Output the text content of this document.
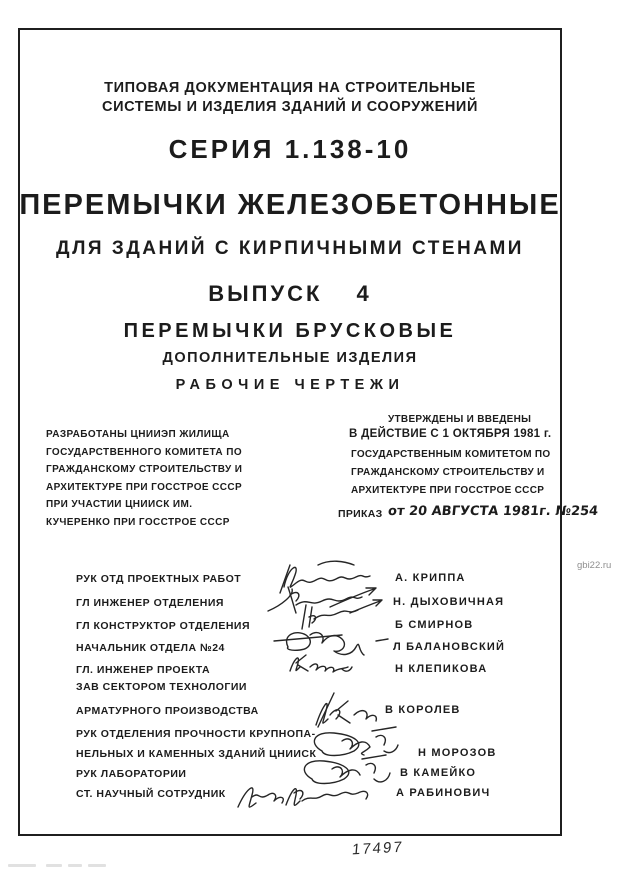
ТИПОВАЯ ДОКУМЕНТАЦИЯ НА СТРОИТЕЛЬНЫЕ
СИСТЕМЫ И ИЗДЕЛИЯ ЗДАНИЙ И СООРУЖЕНИЙ
СЕРИЯ 1.138-10
ПЕРЕМЫЧКИ ЖЕЛЕЗОБЕТОННЫЕ
ДЛЯ ЗДАНИЙ С КИРПИЧНЫМИ СТЕНАМИ
ВЫПУСК 4
ПЕРЕМЫЧКИ БРУСКОВЫЕ
ДОПОЛНИТЕЛЬНЫЕ ИЗДЕЛИЯ
РАБОЧИЕ ЧЕРТЕЖИ
РАЗРАБОТАНЫ ЦНИИЭП ЖИЛИЩА
ГОСУДАРСТВЕННОГО КОМИТЕТА ПО
ГРАЖДАНСКОМУ СТРОИТЕЛЬСТВУ И
АРХИТЕКТУРЕ ПРИ ГОССТРОЕ СССР
ПРИ УЧАСТИИ ЦНИИСК ИМ.
КУЧЕРЕНКО ПРИ ГОССТРОЕ СССР
УТВЕРЖДЕНЫ И ВВЕДЕНЫ
В ДЕЙСТВИЕ С 1 ОКТЯБРЯ 1981 г.
ГОСУДАРСТВЕННЫМ КОМИТЕТОМ ПО
ГРАЖДАНСКОМУ СТРОИТЕЛЬСТВУ И
АРХИТЕКТУРЕ ПРИ ГОССТРОЕ СССР
ПРИКАЗ от 20 АВГУСТА 1981г. №254
РУК ОТД ПРОЕКТНЫХ РАБОТ	А. КРИППА
ГЛ ИНЖЕНЕР ОТДЕЛЕНИЯ	Н. ДЫХОВИЧНАЯ
ГЛ КОНСТРУКТОР ОТДЕЛЕНИЯ	Б СМИРНОВ
НАЧАЛЬНИК ОТДЕЛА №24	Л БАЛАНОВСКИЙ
ГЛ. ИНЖЕНЕР ПРОЕКТА	Н КЛЕПИКОВА
ЗАВ СЕКТОРОМ ТЕХНОЛОГИИ
АРМАТУРНОГО ПРОИЗВОДСТВА	В КОРОЛЕВ
РУК ОТДЕЛЕНИЯ ПРОЧНОСТИ КРУПНОПА-
НЕЛЬНЫХ И КАМЕННЫХ ЗДАНИЙ ЦНИИСК	Н МОРОЗОВ
РУК ЛАБОРАТОРИИ	В КАМЕЙКО
СТ. НАУЧНЫЙ СОТРУДНИК	А РАБИНОВИЧ
17497
gbi22.ru
